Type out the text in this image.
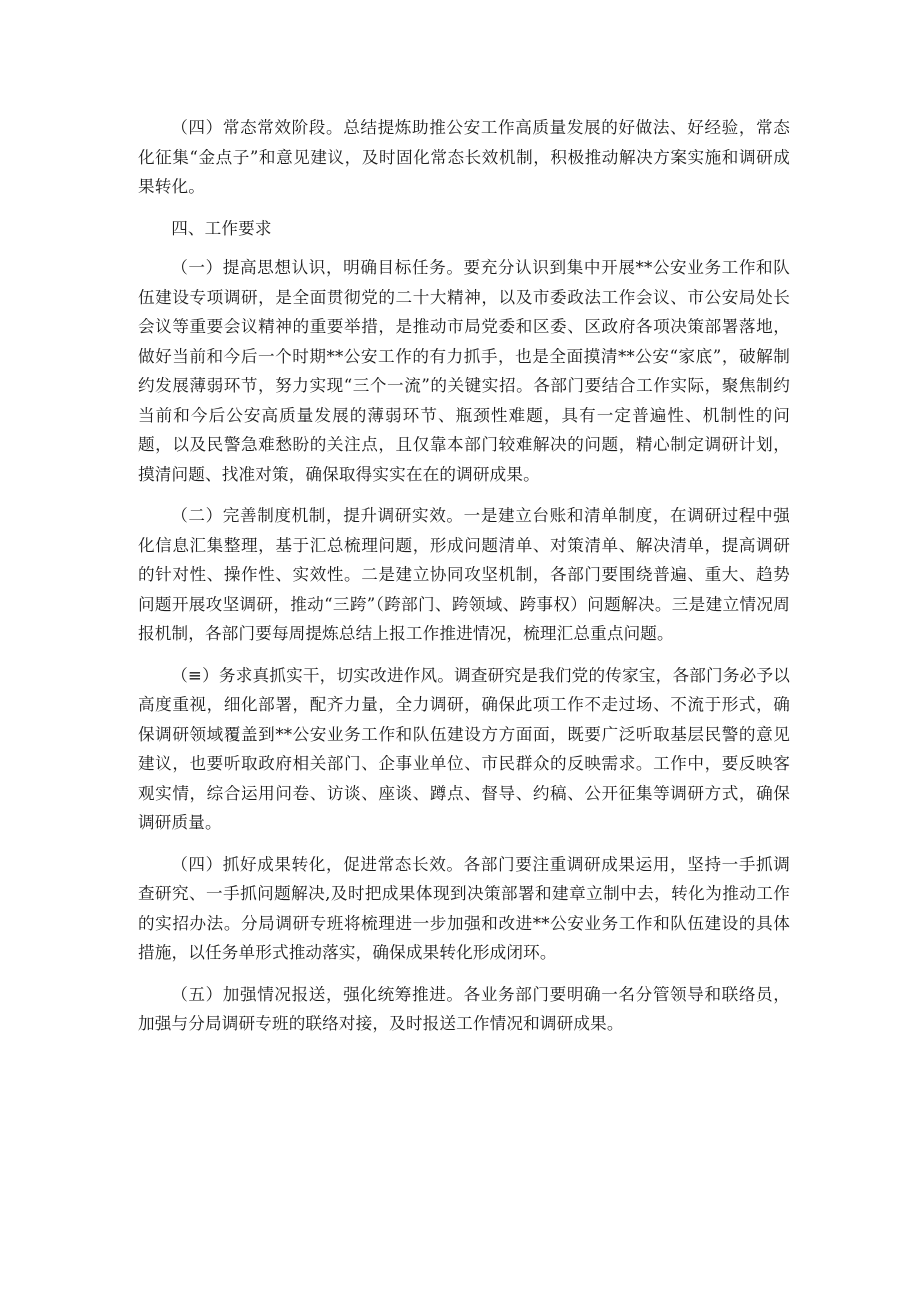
（四）常态常效阶段。总结提炼助推公安工作高质量发展的好做法、好经验，常态化征集“金点子”和意见建议，及时固化常态长效机制，积极推动解决方案实施和调研成果转化。

四、工作要求

（一）提高思想认识，明确目标任务。要充分认识到集中开展**公安业务工作和队伍建设专项调研，是全面贯彻党的二十大精神，以及市委政法工作会议、市公安局处长会议等重要会议精神的重要举措，是推动市局党委和区委、区政府各项决策部署落地，做好当前和今后一个时期**公安工作的有力抓手，也是全面摸清**公安“家底”，破解制约发展薄弱环节，努力实现“三个一流”的关键实招。各部门要结合工作实际，聚焦制约当前和今后公安高质量发展的薄弱环节、瓶颈性难题，具有一定普遍性、机制性的问题，以及民警急难愁盼的关注点，且仅靠本部门较难解决的问题，精心制定调研计划，摸清问题、找准对策，确保取得实实在在的调研成果。

（二）完善制度机制，提升调研实效。一是建立台账和清单制度，在调研过程中强化信息汇集整理，基于汇总梳理问题，形成问题清单、对策清单、解决清单，提高调研的针对性、操作性、实效性。二是建立协同攻坚机制，各部门要围绕普遍、重大、趋势问题开展攻坚调研，推动“三跨”（跨部门、跨领域、跨事权）问题解决。三是建立情况周报机制，各部门要每周提炼总结上报工作推进情况，梳理汇总重点问题。

（≡）务求真抓实干，切实改进作风。调查研究是我们党的传家宝，各部门务必予以高度重视，细化部署，配齐力量，全力调研，确保此项工作不走过场、不流于形式，确保调研领域覆盖到**公安业务工作和队伍建设方方面面，既要广泛听取基层民警的意见建议，也要听取政府相关部门、企事业单位、市民群众的反映需求。工作中，要反映客观实情，综合运用问卷、访谈、座谈、蹲点、督导、约稿、公开征集等调研方式，确保调研质量。

（四）抓好成果转化，促进常态长效。各部门要注重调研成果运用，坚持一手抓调查研究、一手抓问题解决,及时把成果体现到决策部署和建章立制中去，转化为推动工作的实招办法。分局调研专班将梳理进一步加强和改进**公安业务工作和队伍建设的具体措施，以任务单形式推动落实，确保成果转化形成闭环。

（五）加强情况报送，强化统筹推进。各业务部门要明确一名分管领导和联络员，加强与分局调研专班的联络对接，及时报送工作情况和调研成果。
